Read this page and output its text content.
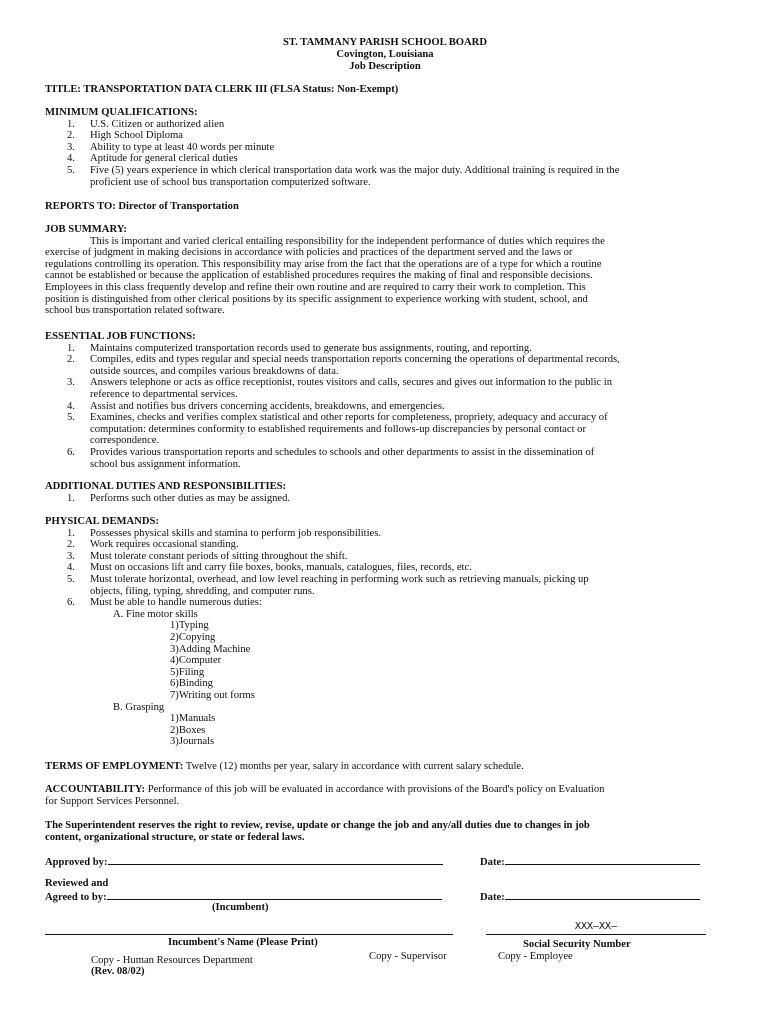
ST. TAMMANY PARISH SCHOOL BOARD
Covington, Louisiana
Job Description
TITLE: TRANSPORTATION DATA CLERK III (FLSA Status: Non-Exempt)
MINIMUM QUALIFICATIONS:
1. U.S. Citizen or authorized alien
2. High School Diploma
3. Ability to type at least 40 words per minute
4. Aptitude for general clerical duties
5. Five (5) years experience in which clerical transportation data work was the major duty. Additional training is required in the
proficient use of school bus transportation computerized software.
REPORTS TO: Director of Transportation
JOB SUMMARY:
This is important and varied clerical entailing responsibility for the independent performance of duties which requires the
exercise of judgment in making decisions in accordance with policies and practices of the department served and the laws or
regulations controlling its operation. This responsibility may arise from the fact that the operations are of a type for which a routine
cannot be established or because the application of established procedures requires the making of final and responsible decisions.
Employees in this class frequently develop and refine their own routine and are required to carry their work to completion. This
position is distinguished from other clerical positions by its specific assignment to experience working with student, school, and
school bus transportation related software.
ESSENTIAL JOB FUNCTIONS:
1. Maintains computerized transportation records used to generate bus assignments, routing, and reporting.
2. Compiles, edits and types regular and special needs transportation reports concerning the operations of departmental records,
outside sources, and compiles various breakdowns of data.
3. Answers telephone or acts as office receptionist, routes visitors and calls, secures and gives out information to the public in
reference to departmental services.
4. Assist and notifies bus drivers concerning accidents, breakdowns, and emergencies.
5. Examines, checks and verifies complex statistical and other reports for completeness, propriety, adequacy and accuracy of
computation: determines conformity to established requirements and follows-up discrepancies by personal contact or
correspondence.
6. Provides various transportation reports and schedules to schools and other departments to assist in the dissemination of
school bus assignment information.
ADDITIONAL DUTIES AND RESPONSIBILITIES:
1. Performs such other duties as may be assigned.
PHYSICAL DEMANDS:
1. Possesses physical skills and stamina to perform job responsibilities.
2. Work requires occasional standing.
3. Must tolerate constant periods of sitting throughout the shift.
4. Must on occasions lift and carry file boxes, books, manuals, catalogues, files, records, etc.
5. Must tolerate horizontal, overhead, and low level reaching in performing work such as retrieving manuals, picking up
objects, filing, typing, shredding, and computer runs.
6. Must be able to handle numerous duties:
A. Fine motor skills
1)Typing
2)Copying
3)Adding Machine
4)Computer
5)Filing
6)Binding
7)Writing out forms
B. Grasping
1)Manuals
2)Boxes
3)Journals
TERMS OF EMPLOYMENT: Twelve (12) months per year, salary in accordance with current salary schedule.
ACCOUNTABILITY: Performance of this job will be evaluated in accordance with provisions of the Board's policy on Evaluation
for Support Services Personnel.
The Superintendent reserves the right to review, revise, update or change the job and any/all duties due to changes in job
content, organizational structure, or state or federal laws.
Approved by:	Date:
Reviewed and
Agreed to by:	Date:
(Incumbent)
XXX–XX–
Incumbent's Name (Please Print)	Social Security Number
Copy - Human Resources Department	Copy - Supervisor	Copy - Employee
(Rev. 08/02)
